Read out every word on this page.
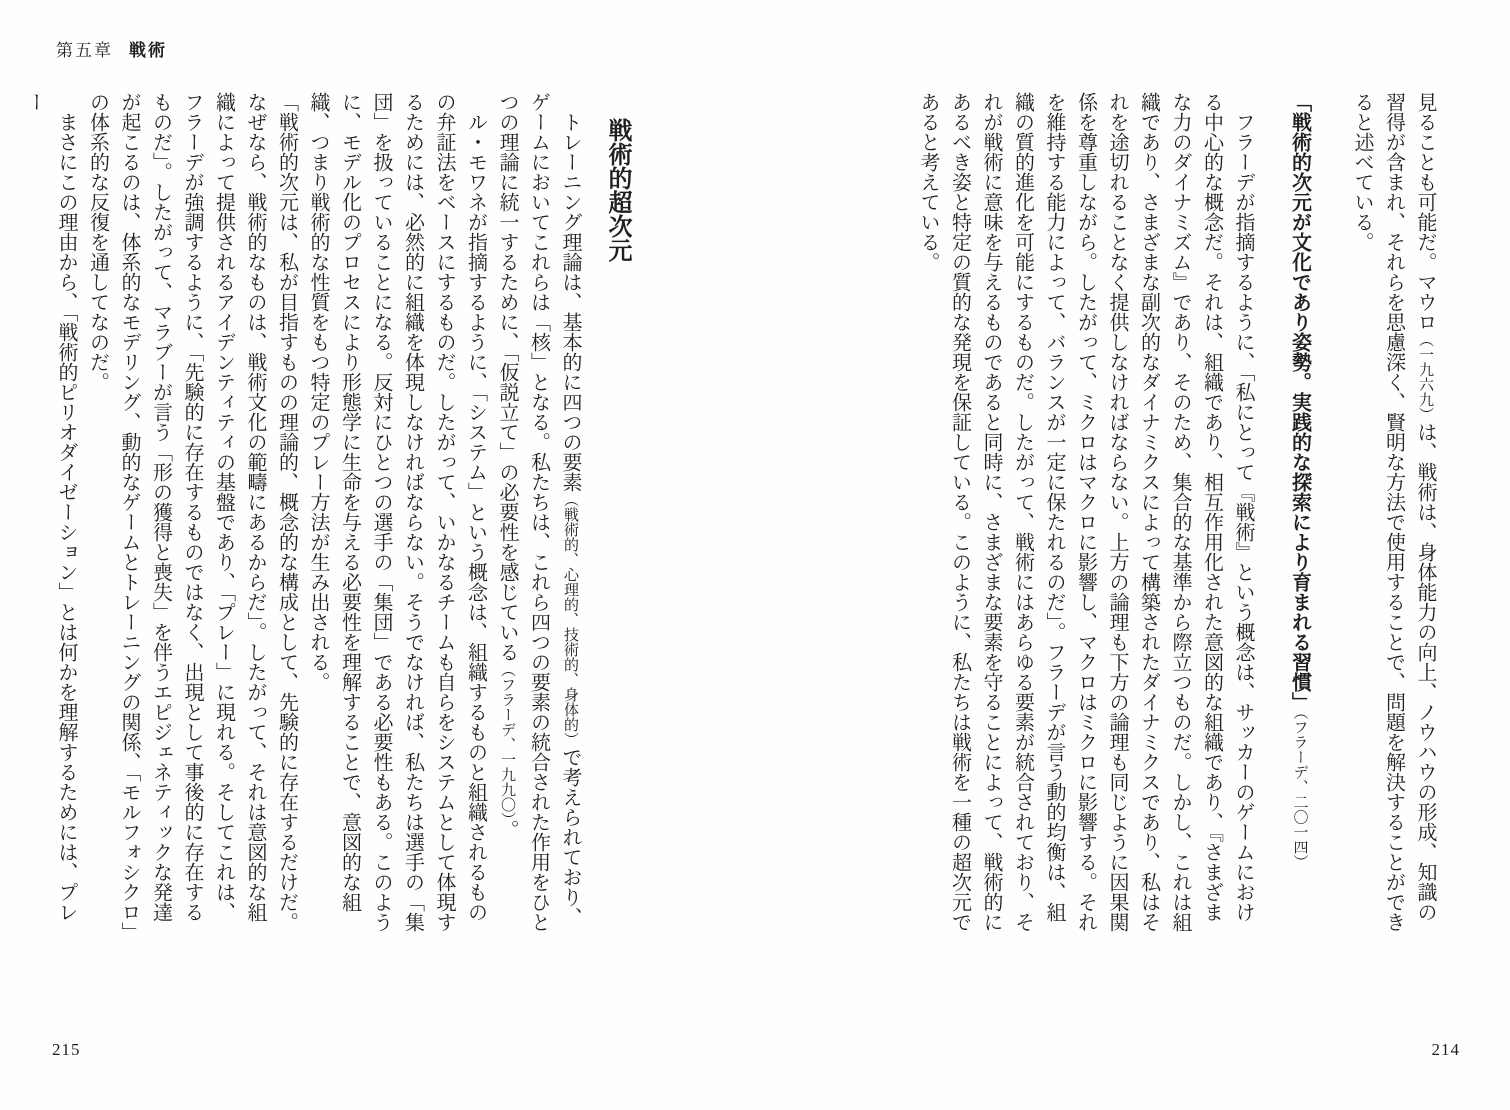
第五章 戦術

見ることも可能だ。マウロ（一九六九）は、戦術は、身体能力の向上、ノウハウの形成、知識の習得が含まれ、それらを思慮深く、賢明な方法で使用することで、問題を解決することができると述べている。

「戦術的次元が文化であり姿勢。実践的な探索により育まれる習慣」（フラーデ、二〇一四）

フラーデが指摘するように、「私にとって『戦術』という概念は、サッカーのゲームにおける中心的な概念だ。それは、組織であり、相互作用化された意図的な組織であり、『さまざまな力のダイナミズム』であり、そのため、集合的な基準から際立つものだ。しかし、これは組織であり、さまざまな副次的なダイナミクスによって構築されたダイナミクスであり、私はそれを途切れることなく提供しなければならない。上方の論理も下方の論理も同じように因果関係を尊重しながら。したがって、ミクロはマクロに影響し、マクロはミクロに影響する。それを維持する能力によって、バランスが一定に保たれるのだ」。フラーデが言う動的均衡は、組織の質的進化を可能にするものだ。したがって、戦術にはあらゆる要素が統合されており、それが戦術に意味を与えるものであると同時に、さまざまな要素を守ることによって、戦術的にあるべき姿と特定の質的な発現を保証している。このように、私たちは戦術を一種の超次元であると考えている。

戦術的超次元

トレーニング理論は、基本的に四つの要素（戦術的、心理的、技術的、身体的）で考えられており、ゲームにおいてこれらは「核」となる。私たちは、これら四つの要素の統合された作用をひとつの理論に統一するために、「仮説立て」の必要性を感じている（フラーデ、一九九〇）。

ル・モワネが指摘するように、「システム」という概念は、組織するものと組織されるものの弁証法をベースにするものだ。したがって、いかなるチームも自らをシステムとして体現するためには、必然的に組織を体現しなければならない。そうでなければ、私たちは選手の「集団」を扱っていることになる。反対にひとつの選手の「集団」である必要性もある。このように、モデル化のプロセスにより形態学に生命を与える必要性を理解することで、意図的な組織、つまり戦術的な性質をもつ特定のプレー方法が生み出される。

「戦術的次元は、私が目指すものの理論的、概念的な構成として、先験的に存在するだけだ。なぜなら、戦術的なものは、戦術文化の範疇にあるからだ」。したがって、それは意図的な組織によって提供されるアイデンティティの基盤であり、「プレー」に現れる。そしてこれは、フラーデが強調するように、「先験的に存在するものではなく、出現として事後的に存在するものだ」。したがって、マラブーが言う「形の獲得と喪失」を伴うエピジェネティックな発達が起こるのは、体系的なモデリング、動的なゲームとトレーニングの関係、「モルフォシクロ」の体系的な反復を通してなのだ。

まさにこの理由から、「戦術的ピリオダイゼーション」とは何かを理解するためには、プレー

215	214
